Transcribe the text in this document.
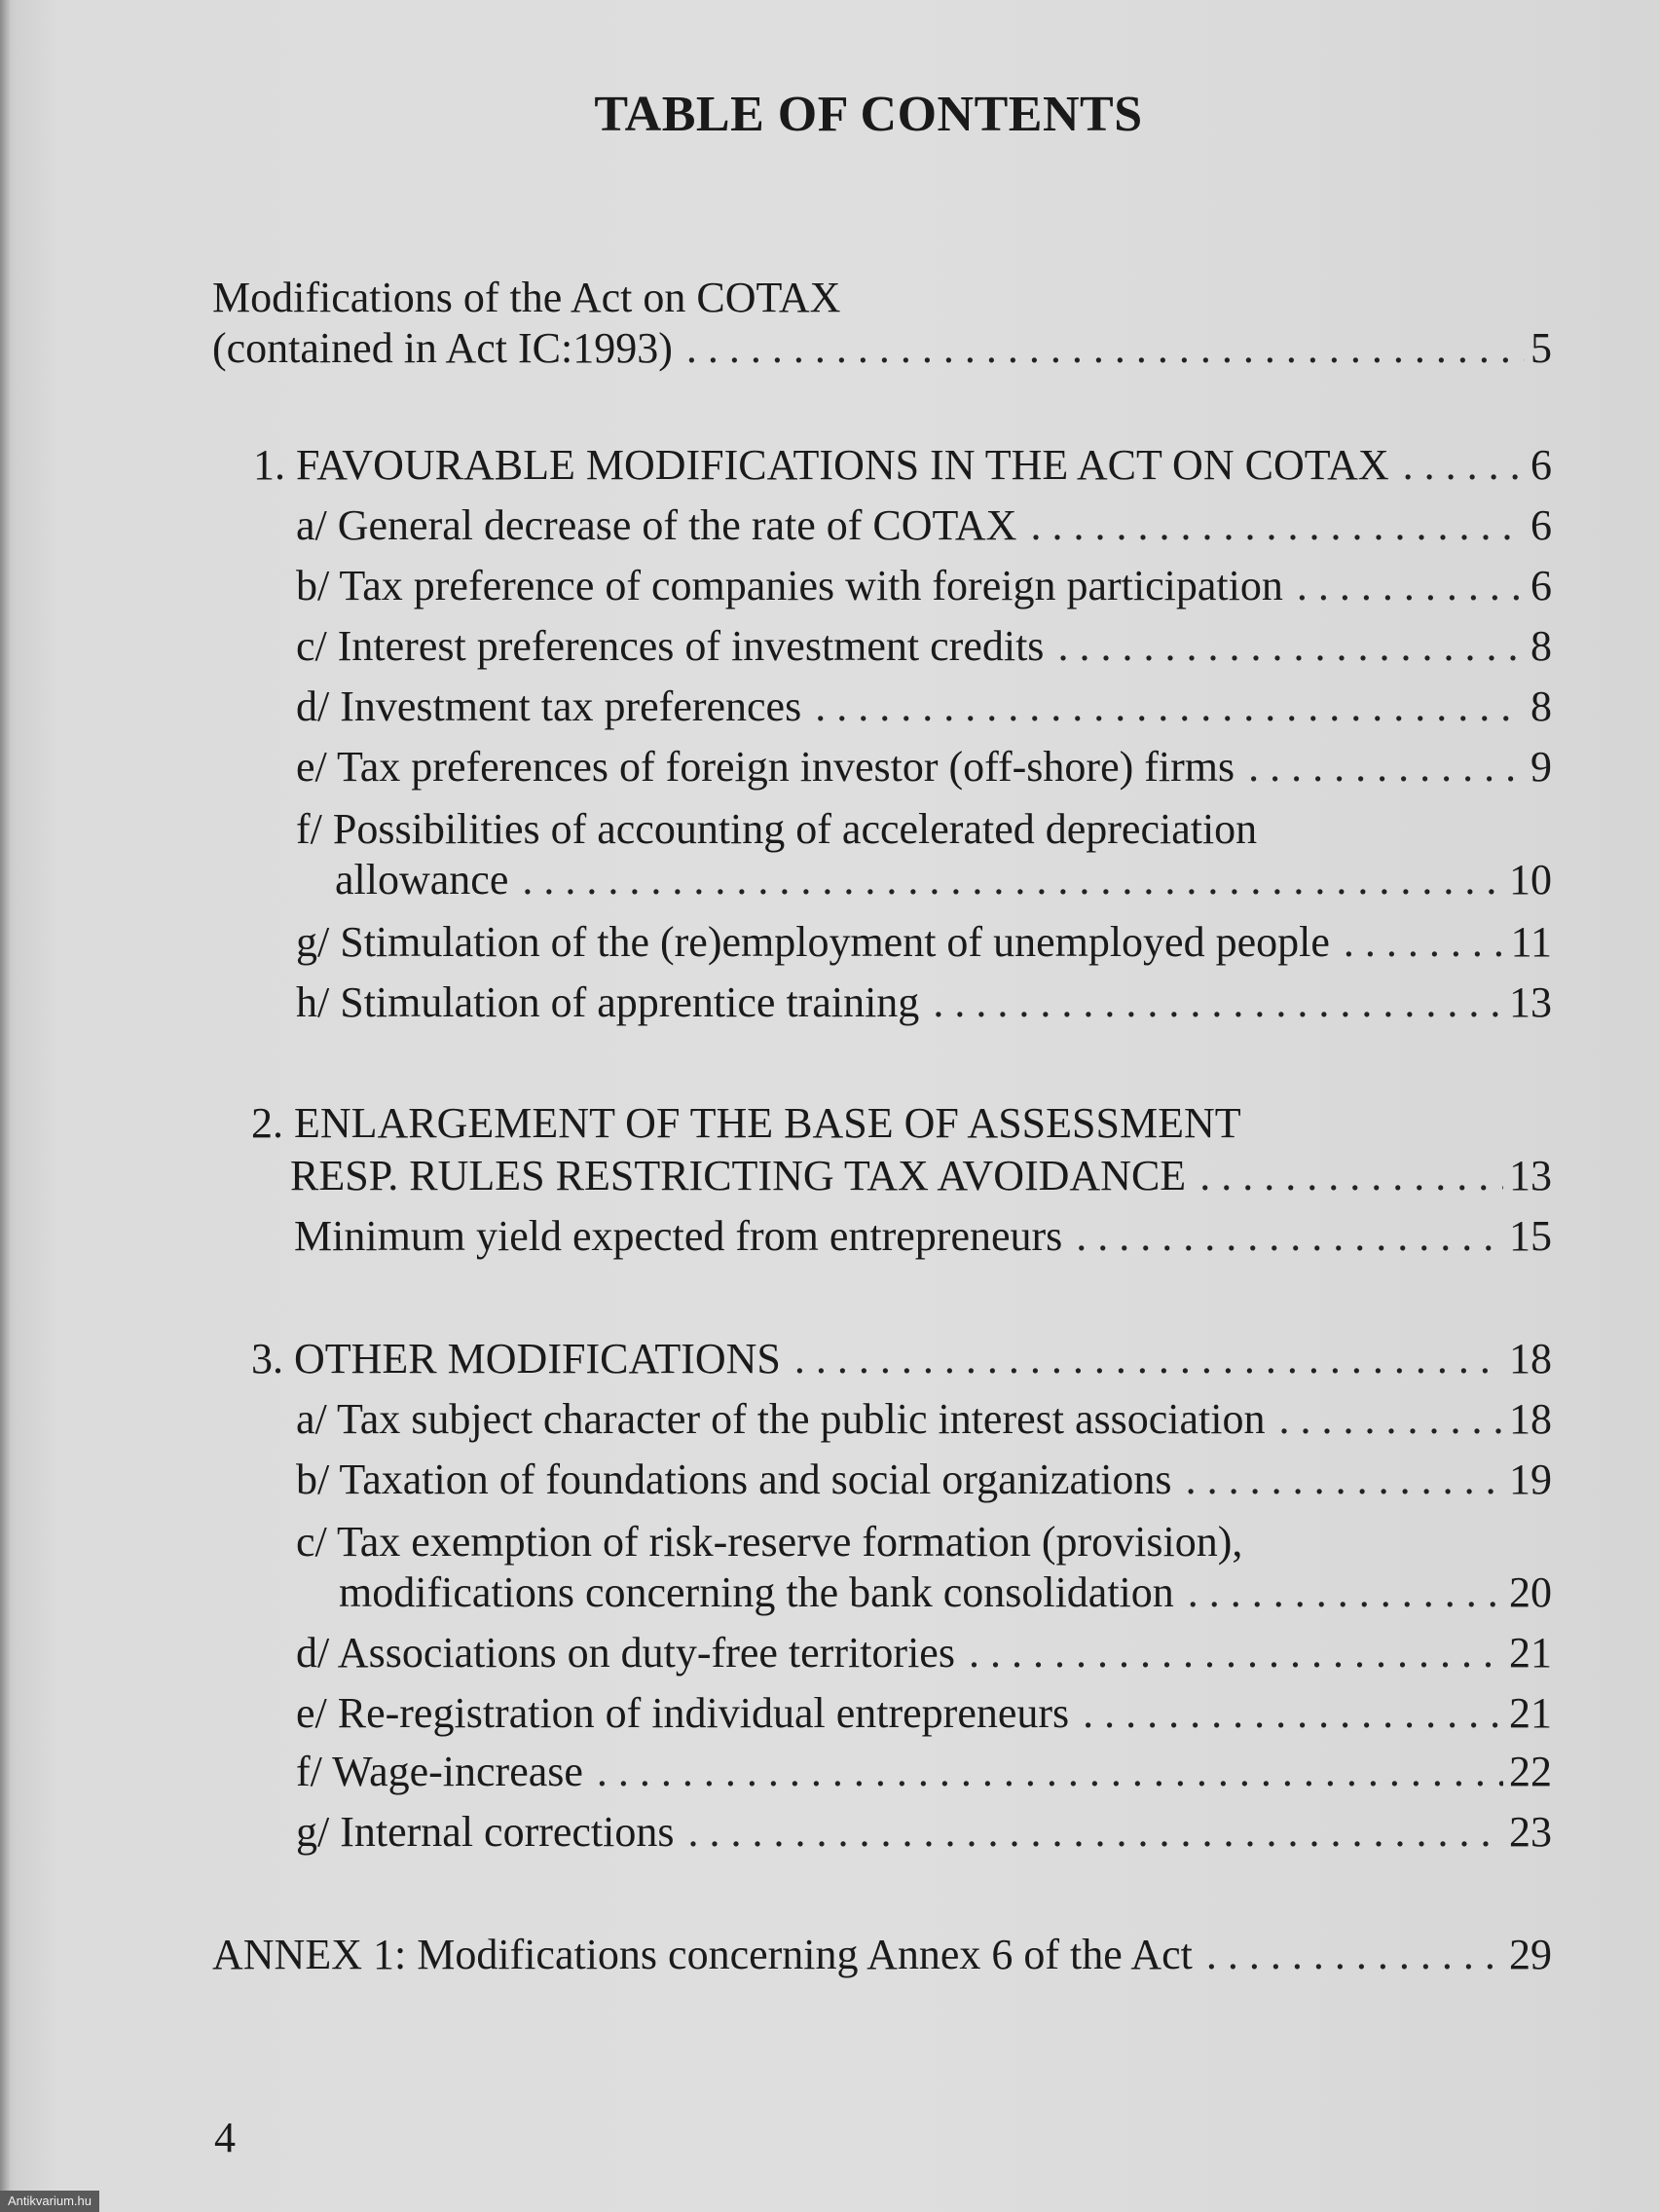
TABLE OF CONTENTS
Modifications of the Act on COTAX
(contained in Act IC:1993) . . .	5
1. FAVOURABLE MODIFICATIONS IN THE ACT ON COTAX . . .	6
a/ General decrease of the rate of COTAX . . .	6
b/ Tax preference of companies with foreign participation . . .	6
c/ Interest preferences of investment credits . . .	8
d/ Investment tax preferences . . .	8
e/ Tax preferences of foreign investor (off-shore) firms . . .	9
f/ Possibilities of accounting of accelerated depreciation
allowance . . .	10
g/ Stimulation of the (re)employment of unemployed people . . .	11
h/ Stimulation of apprentice training . . .	13
2. ENLARGEMENT OF THE BASE OF ASSESSMENT
RESP. RULES RESTRICTING TAX AVOIDANCE . . .	13
Minimum yield expected from entrepreneurs . . .	15
3. OTHER MODIFICATIONS . . .	18
a/ Tax subject character of the public interest association . . .	18
b/ Taxation of foundations and social organizations . . .	19
c/ Tax exemption of risk-reserve formation (provision),
modifications concerning the bank consolidation . . .	20
d/ Associations on duty-free territories . . .	21
e/ Re-registration of individual entrepreneurs . . .	21
f/ Wage-increase . . .	22
g/ Internal corrections . . .	23
ANNEX 1: Modifications concerning Annex 6 of the Act . . .	29
4
Antikvarium.hu
